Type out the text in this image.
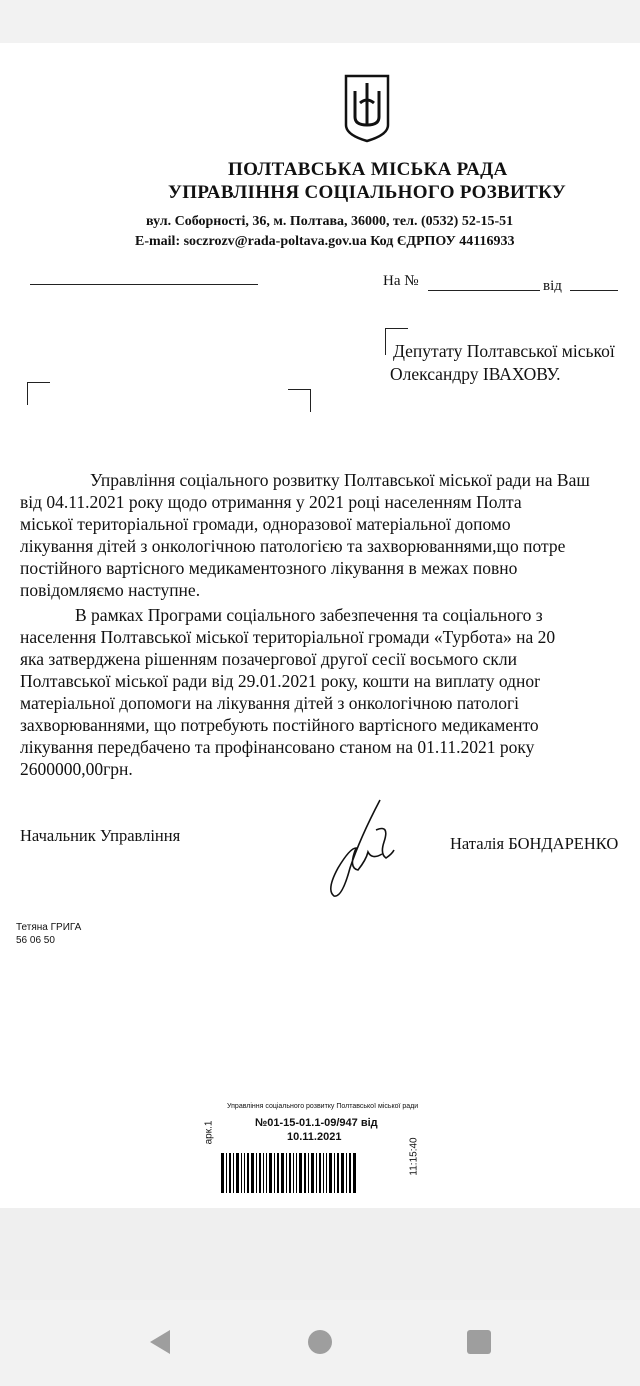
ПОЛТАВСЬКА МІСЬКА РАДА
УПРАВЛІННЯ СОЦІАЛЬНОГО РОЗВИТКУ
вул. Соборності, 36, м. Полтава, 36000, тел. (0532) 52-15-51
E-mail: soczrozv@rada-poltava.gov.ua Код ЄДРПОУ 44116933
На №	від
Депутату Полтавської міської
Олександру ІВАХОВУ.
Управління соціального розвитку Полтавської міської ради на Ваш
від 04.11.2021 року щодо отримання у 2021 році населенням Полта
міської територіальної громади, одноразової матеріальної допомо
лікування дітей з онкологічною патологією та захворюваннями,що потре
постійного вартісного медикаментозного лікування в межах повно
повідомляємо наступне.
В рамках Програми соціального забезпечення та соціального з
населення Полтавської міської територіальної громади «Турбота» на 20
яка затверджена рішенням позачергової другої сесії восьмого скли
Полтавської міської ради від 29.01.2021 року, кошти на виплату одноr
матеріальної допомоги на лікування дітей з онкологічною патологі
захворюваннями, що потребують постійного вартісного медикаменто
лікування передбачено та профінансовано станом на 01.11.2021 року
2600000,00грн.
Начальник Управління	Наталія БОНДАРЕНКО
Тетяна ГРИГА
56 06 50
Управління соціального розвитку Полтавської міської ради
№01-15-01.1-09/947 від
10.11.2021
арк.1
11:15:40
